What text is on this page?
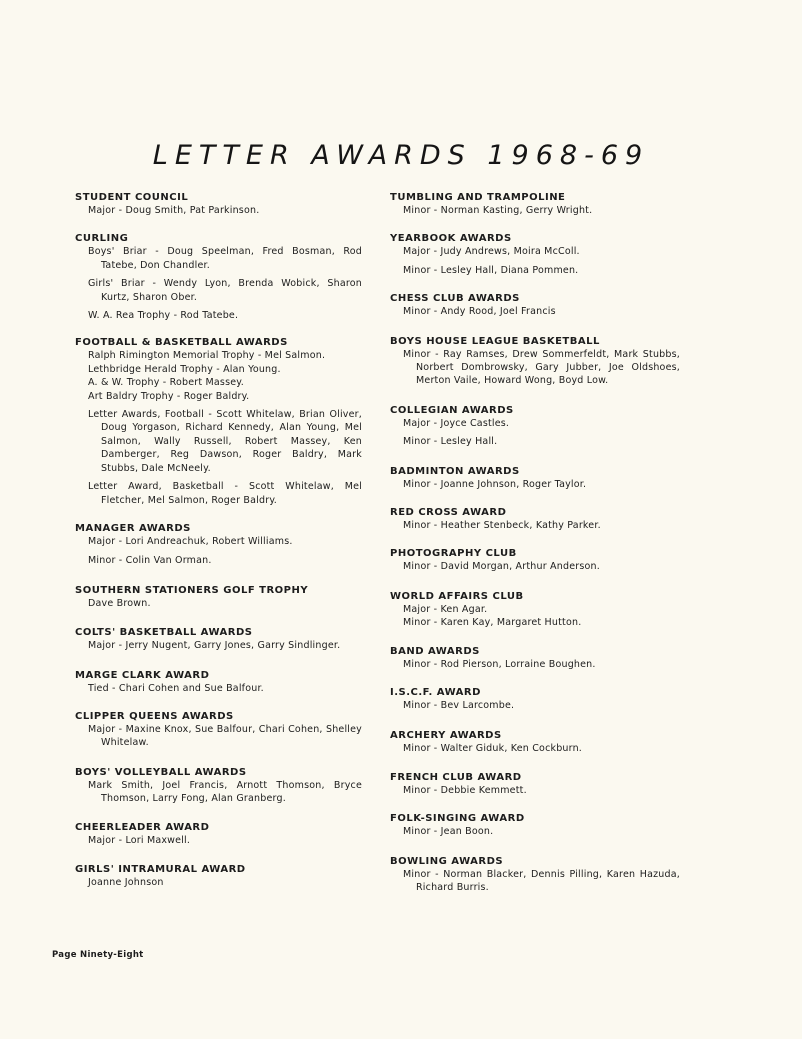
LETTER AWARDS 1968-69
STUDENT COUNCIL

Major - Doug Smith, Pat Parkinson.

CURLING

Boys' Briar - Doug Speelman, Fred Bosman, Rod Tatebe, Don Chandler.

Girls' Briar - Wendy Lyon, Brenda Wobick, Sharon Kurtz, Sharon Ober.

W. A. Rea Trophy - Rod Tatebe.

FOOTBALL & BASKETBALL AWARDS

Ralph Rimington Memorial Trophy - Mel Salmon.

Lethbridge Herald Trophy - Alan Young.

A. & W. Trophy - Robert Massey.

Art Baldry Trophy - Roger Baldry.

Letter Awards, Football - Scott Whitelaw, Brian Oliver, Doug Yorgason, Richard Kennedy, Alan Young, Mel Salmon, Wally Russell, Robert Massey, Ken Damberger, Reg Dawson, Roger Baldry, Mark Stubbs, Dale McNeely.

Letter Award, Basketball - Scott Whitelaw, Mel Fletcher, Mel Salmon, Roger Baldry.

MANAGER AWARDS

Major - Lori Andreachuk, Robert Williams.

Minor - Colin Van Orman.

SOUTHERN STATIONERS GOLF TROPHY

Dave Brown.

COLTS' BASKETBALL AWARDS

Major - Jerry Nugent, Garry Jones, Garry Sindlinger.

MARGE CLARK AWARD

Tied - Chari Cohen and Sue Balfour.

CLIPPER QUEENS AWARDS

Major - Maxine Knox, Sue Balfour, Chari Cohen, Shelley Whitelaw.

BOYS' VOLLEYBALL AWARDS

Mark Smith, Joel Francis, Arnott Thomson, Bryce Thomson, Larry Fong, Alan Granberg.

CHEERLEADER AWARD

Major - Lori Maxwell.

GIRLS' INTRAMURAL AWARD

Joanne Johnson

TUMBLING AND TRAMPOLINE

Minor - Norman Kasting, Gerry Wright.

YEARBOOK AWARDS

Major - Judy Andrews, Moira McColl.

Minor - Lesley Hall, Diana Pommen.

CHESS CLUB AWARDS

Minor - Andy Rood, Joel Francis

BOYS HOUSE LEAGUE BASKETBALL

Minor - Ray Ramses, Drew Sommerfeldt, Mark Stubbs, Norbert Dombrowsky, Gary Jubber, Joe Oldshoes, Merton Vaile, Howard Wong, Boyd Low.

COLLEGIAN AWARDS

Major - Joyce Castles.

Minor - Lesley Hall.

BADMINTON AWARDS

Minor - Joanne Johnson, Roger Taylor.

RED CROSS AWARD

Minor - Heather Stenbeck, Kathy Parker.

PHOTOGRAPHY CLUB

Minor - David Morgan, Arthur Anderson.

WORLD AFFAIRS CLUB

Major - Ken Agar.

Minor - Karen Kay, Margaret Hutton.

BAND AWARDS

Minor - Rod Pierson, Lorraine Boughen.

I.S.C.F. AWARD

Minor - Bev Larcombe.

ARCHERY AWARDS

Minor - Walter Giduk, Ken Cockburn.

FRENCH CLUB AWARD

Minor - Debbie Kemmett.

FOLK-SINGING AWARD

Minor - Jean Boon.

BOWLING AWARDS

Minor - Norman Blacker, Dennis Pilling, Karen Hazuda, Richard Burris.

Page Ninety-Eight
